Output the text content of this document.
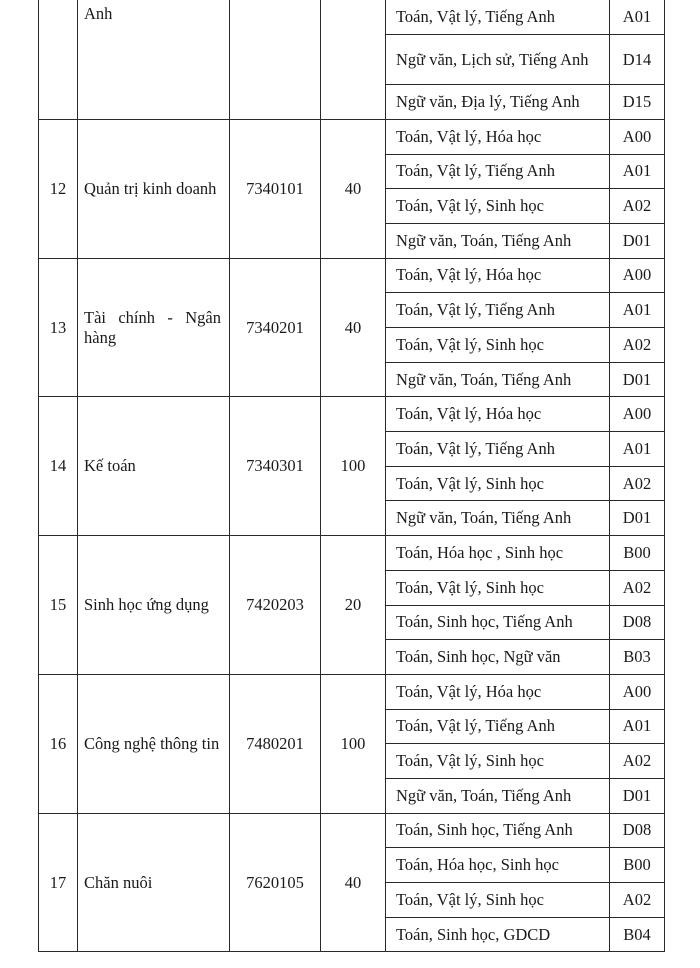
	Anh			Toán, Vật lý, Tiếng Anh	A01
				Ngữ văn, Lịch sử, Tiếng Anh	D14
				Ngữ văn, Địa lý, Tiếng Anh	D15
12	Quản trị kinh doanh	7340101	40	Toán, Vật lý, Hóa học	A00
				Toán, Vật lý, Tiếng Anh	A01
				Toán, Vật lý, Sinh học	A02
				Ngữ văn, Toán, Tiếng Anh	D01
13	Tài chính - Ngân hàng	7340201	40	Toán, Vật lý, Hóa học	A00
				Toán, Vật lý, Tiếng Anh	A01
				Toán, Vật lý, Sinh học	A02
				Ngữ văn, Toán, Tiếng Anh	D01
14	Kế toán	7340301	100	Toán, Vật lý, Hóa học	A00
				Toán, Vật lý, Tiếng Anh	A01
				Toán, Vật lý, Sinh học	A02
				Ngữ văn, Toán, Tiếng Anh	D01
15	Sinh học ứng dụng	7420203	20	Toán, Hóa học , Sinh học	B00
				Toán, Vật lý, Sinh học	A02
				Toán, Sinh học, Tiếng Anh	D08
				Toán, Sinh học, Ngữ văn	B03
16	Công nghệ thông tin	7480201	100	Toán, Vật lý, Hóa học	A00
				Toán, Vật lý, Tiếng Anh	A01
				Toán, Vật lý, Sinh học	A02
				Ngữ văn, Toán, Tiếng Anh	D01
17	Chăn nuôi	7620105	40	Toán, Sinh học, Tiếng Anh	D08
				Toán, Hóa học, Sinh học	B00
				Toán, Vật lý, Sinh học	A02
				Toán, Sinh học, GDCD	B04
